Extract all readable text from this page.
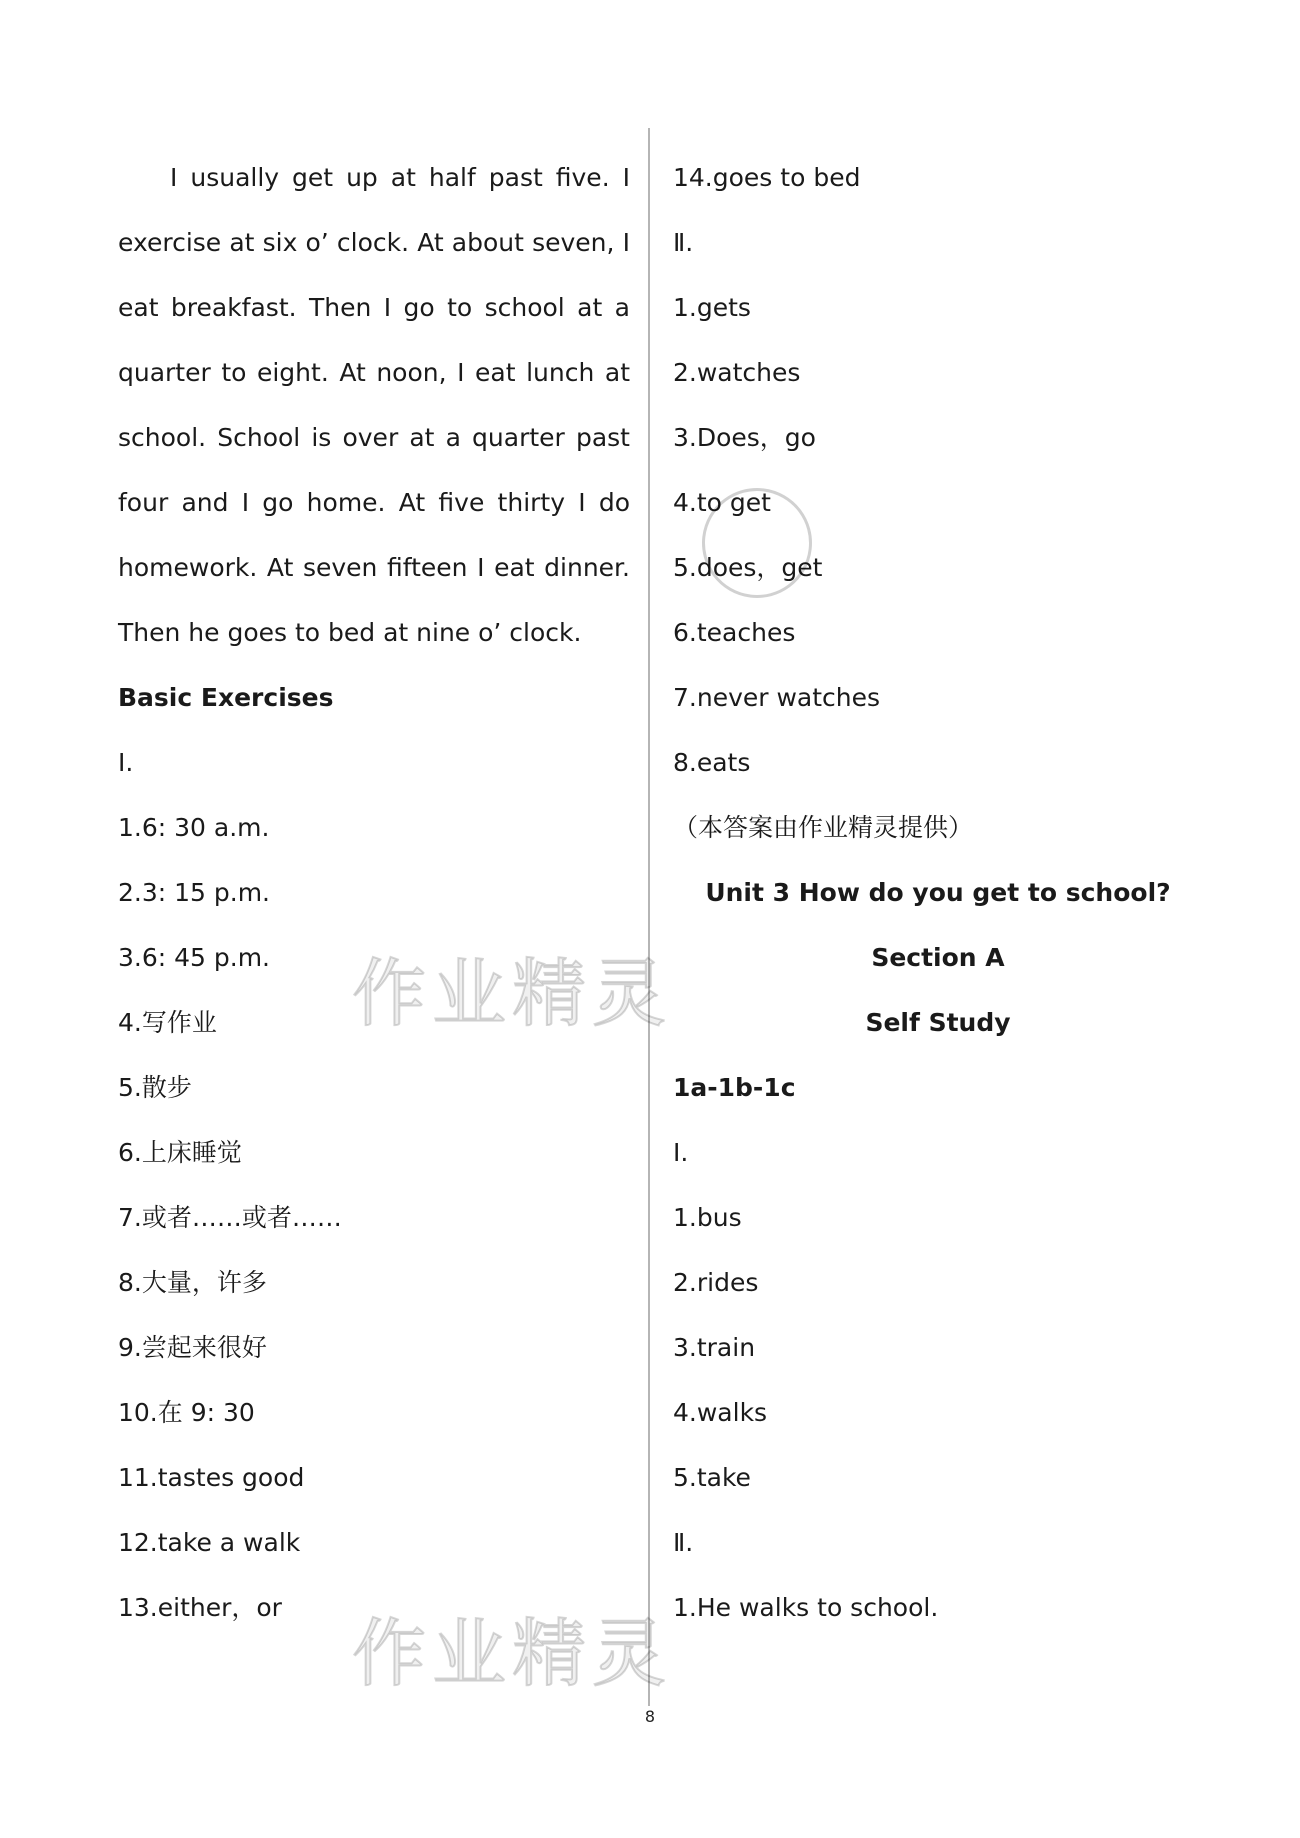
I usually get up at half past five. I
exercise at six o’ clock. At about seven, I
eat breakfast. Then I go to school at a
quarter to eight. At noon, I eat lunch at
school. School is over at a quarter past
four and I go home. At five thirty I do
homework. At seven fifteen I eat dinner.
Then he goes to bed at nine o’ clock.
Basic Exercises
Ⅰ.
1.6: 30 a.m.
2.3: 15 p.m.
3.6: 45 p.m.
4.写作业
5.散步
6.上床睡觉
7.或者……或者……
8.大量，许多
9.尝起来很好
10.在 9: 30
11.tastes good
12.take a walk
13.either，or
14.goes to bed
Ⅱ.
1.gets
2.watches
3.Does，go
4.to get
5.does，get
6.teaches
7.never watches
8.eats
（本答案由作业精灵提供）
Unit 3 How do you get to school?
Section A
Self Study
1a-1b-1c
Ⅰ.
1.bus
2.rides
3.train
4.walks
5.take
Ⅱ.
1.He walks to school.
作业精灵
作业精灵
8
